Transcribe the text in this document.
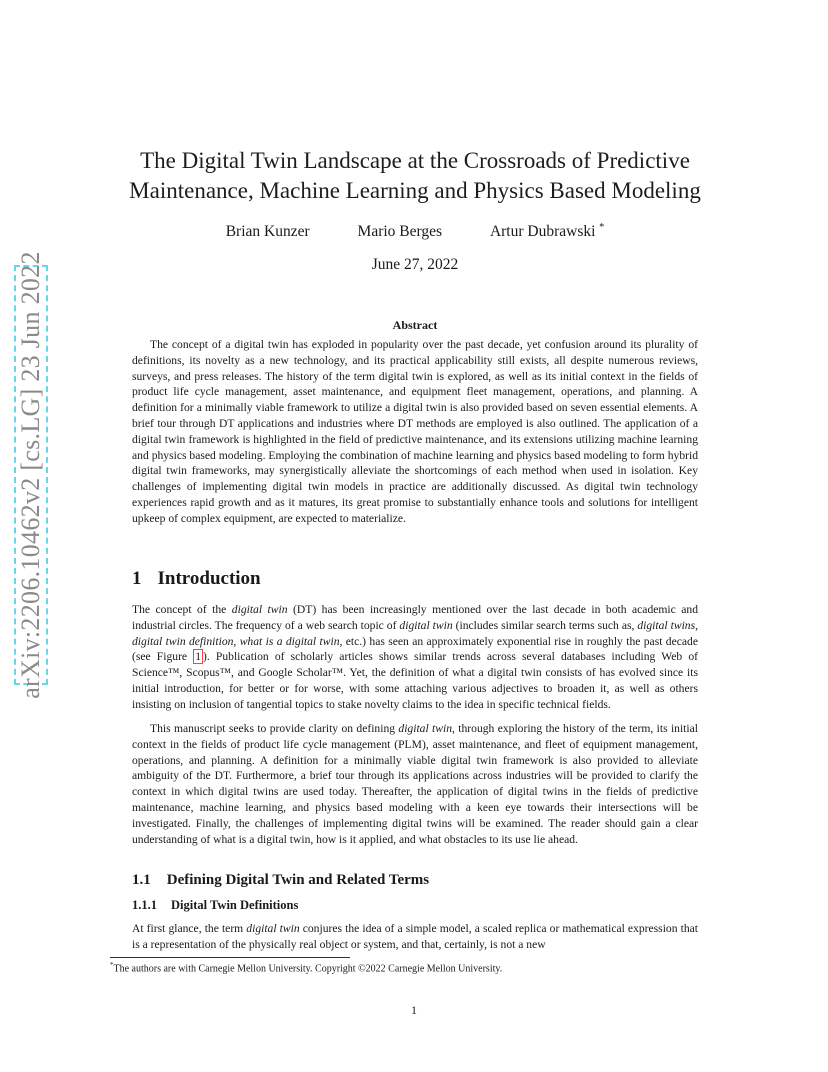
arXiv:2206.10462v2 [cs.LG] 23 Jun 2022
The Digital Twin Landscape at the Crossroads of Predictive
Maintenance, Machine Learning and Physics Based Modeling
Brian Kunzer	Mario Berges	Artur Dubrawski *
June 27, 2022
Abstract
The concept of a digital twin has exploded in popularity over the past decade, yet confusion around its plurality of definitions, its novelty as a new technology, and its practical applicability still exists, all despite numerous reviews, surveys, and press releases. The history of the term digital twin is explored, as well as its initial context in the fields of product life cycle management, asset maintenance, and equipment fleet management, operations, and planning. A definition for a minimally viable framework to utilize a digital twin is also provided based on seven essential elements. A brief tour through DT applications and industries where DT methods are employed is also outlined. The application of a digital twin framework is highlighted in the field of predictive maintenance, and its extensions utilizing machine learning and physics based modeling. Employing the combination of machine learning and physics based modeling to form hybrid digital twin frameworks, may synergistically alleviate the shortcomings of each method when used in isolation. Key challenges of implementing digital twin models in practice are additionally discussed. As digital twin technology experiences rapid growth and as it matures, its great promise to substantially enhance tools and solutions for intelligent upkeep of complex equipment, are expected to materialize.
1 Introduction

The concept of the digital twin (DT) has been increasingly mentioned over the last decade in both academic and industrial circles. The frequency of a web search topic of digital twin (includes similar search terms such as, digital twins, digital twin definition, what is a digital twin, etc.) has seen an approximately exponential rise in roughly the past decade (see Figure 1 ). Publication of scholarly articles shows similar trends across several databases including Web of Science™, Scopus™, and Google Scholar™. Yet, the definition of what a digital twin consists of has evolved since its initial introduction, for better or for worse, with some attaching various adjectives to broaden it, as well as others insisting on inclusion of tangential topics to stake novelty claims to the idea in specific technical fields.

This manuscript seeks to provide clarity on defining digital twin, through exploring the history of the term, its initial context in the fields of product life cycle management (PLM), asset maintenance, and fleet of equipment management, operations, and planning. A definition for a minimally viable digital twin framework is also provided to alleviate ambiguity of the DT. Furthermore, a brief tour through its applications across industries will be provided to clarify the context in which digital twins are used today. Thereafter, the application of digital twins in the fields of predictive maintenance, machine learning, and physics based modeling with a keen eye towards their intersections will be investigated. Finally, the challenges of implementing digital twins will be examined. The reader should gain a clear understanding of what is a digital twin, how is it applied, and what obstacles to its use lie ahead.

1.1 Defining Digital Twin and Related Terms
1.1.1 Digital Twin Definitions

At first glance, the term digital twin conjures the idea of a simple model, a scaled replica or mathematical expression that is a representation of the physically real object or system, and that, certainly, is not a new

*The authors are with Carnegie Mellon University. Copyright ©2022 Carnegie Mellon University.
1
